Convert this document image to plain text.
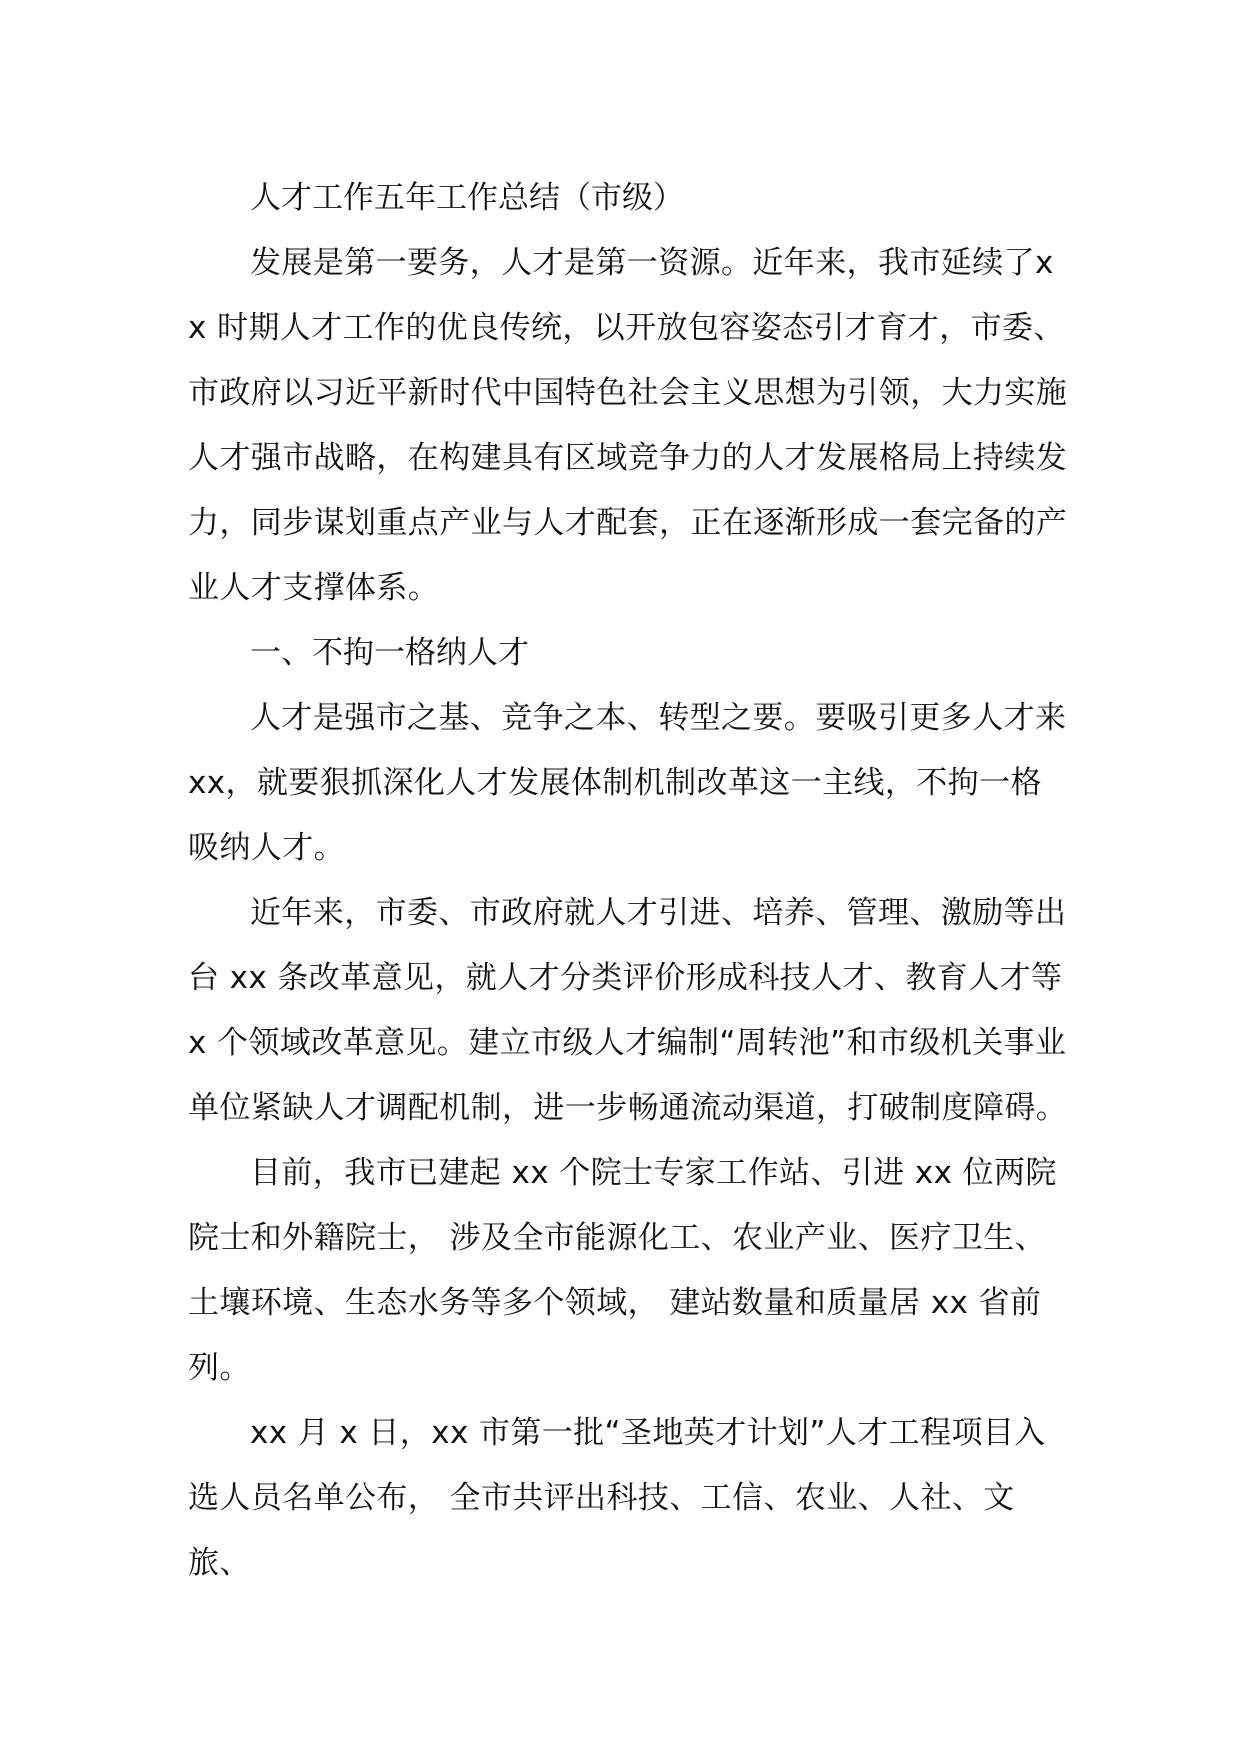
人才工作五年工作总结（市级）

发展是第一要务，人才是第一资源。近年来，我市延续了xx 时期人才工作的优良传统，以开放包容姿态引才育才，市委、市政府以习近平新时代中国特色社会主义思想为引领，大力实施人才强市战略，在构建具有区域竞争力的人才发展格局上持续发力，同步谋划重点产业与人才配套，正在逐渐形成一套完备的产业人才支撑体系。

一、不拘一格纳人才

人才是强市之基、竞争之本、转型之要。要吸引更多人才来 xx，就要狠抓深化人才发展体制机制改革这一主线，不拘一格吸纳人才。

近年来，市委、市政府就人才引进、培养、管理、激励等出台 xx 条改革意见，就人才分类评价形成科技人才、教育人才等 x 个领域改革意见。建立市级人才编制“周转池”和市级机关事业单位紧缺人才调配机制，进一步畅通流动渠道，打破制度障碍。

目前，我市已建起 xx 个院士专家工作站、引进 xx 位两院院士和外籍院士， 涉及全市能源化工、农业产业、医疗卫生、土壤环境、生态水务等多个领域， 建站数量和质量居 xx 省前列。

xx 月 x 日，xx 市第一批“圣地英才计划”人才工程项目入选人员名单公布， 全市共评出科技、工信、农业、人社、文旅、
